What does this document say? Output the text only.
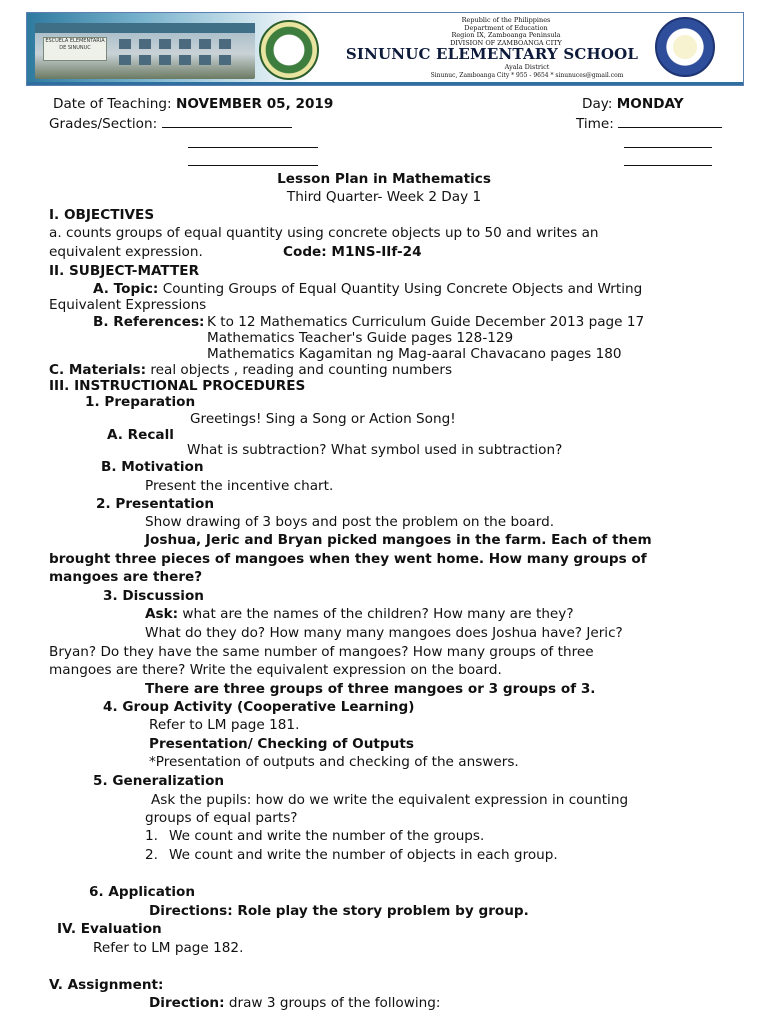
ESCUELA ELEMENTARIA DE SINUNUC
Republic of the Philippines
Department of Education
Region IX, Zamboanga Peninsula
DIVISION OF ZAMBOANGA CITY
SINUNUC ELEMENTARY SCHOOL
Ayala District
Sinunuc, Zamboanga City * 955 - 9654 * sinunuces@gmail.com
Date of Teaching: NOVEMBER 05, 2019	Day: MONDAY
Grades/Section:	Time:
Lesson Plan in Mathematics
Third Quarter- Week 2 Day 1
I. OBJECTIVES
a. counts groups of equal quantity using concrete objects up to 50 and writes an
equivalent expression.	Code: M1NS-IIf-24
II. SUBJECT-MATTER
A. Topic: Counting Groups of Equal Quantity Using Concrete Objects and Wrting
Equivalent Expressions
B. References: K to 12 Mathematics Curriculum Guide December 2013 page 17
Mathematics Teacher's Guide pages 128-129
Mathematics Kagamitan ng Mag-aaral Chavacano pages 180
C. Materials: real objects , reading and counting numbers
III. INSTRUCTIONAL PROCEDURES
1. Preparation
Greetings! Sing a Song or Action Song!
A. Recall
What is subtraction? What symbol used in subtraction?
B. Motivation
Present the incentive chart.
2. Presentation
Show drawing of 3 boys and post the problem on the board.
Joshua, Jeric and Bryan picked mangoes in the farm. Each of them
brought three pieces of mangoes when they went home. How many groups of
mangoes are there?
3. Discussion
Ask: what are the names of the children? How many are they?
What do they do? How many many mangoes does Joshua have? Jeric?
Bryan? Do they have the same number of mangoes? How many groups of three
mangoes are there? Write the equivalent expression on the board.
There are three groups of three mangoes or 3 groups of 3.
4. Group Activity (Cooperative Learning)
Refer to LM page 181.
Presentation/ Checking of Outputs
*Presentation of outputs and checking of the answers.
5. Generalization
Ask the pupils: how do we write the equivalent expression in counting
groups of equal parts?
1. We count and write the number of the groups.
2. We count and write the number of objects in each group.
6. Application
Directions: Role play the story problem by group.
IV. Evaluation
Refer to LM page 182.
V. Assignment:
Direction: draw 3 groups of the following:
